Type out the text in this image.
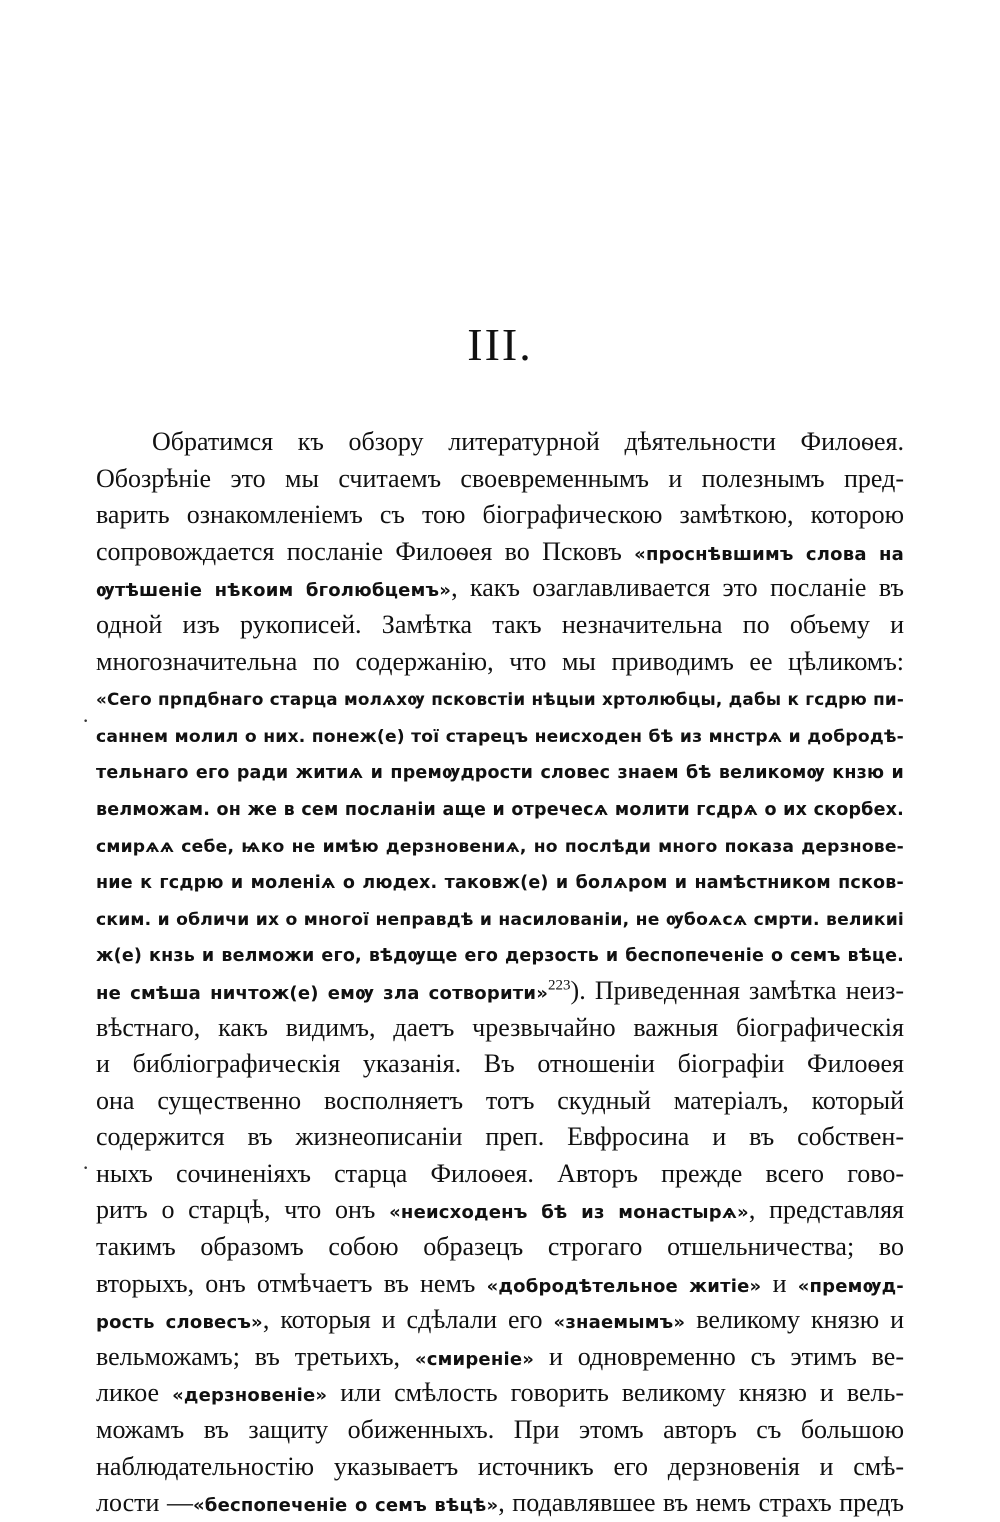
III.
Обратимся къ обзору литературной дѣятельности Филоѳея.
Обозрѣніе это мы считаемъ своевременнымъ и полезнымъ пред-
варить ознакомленіемъ съ тою біографическою замѣткою, которою
сопровождается посланіе Филоѳея во Псковъ «проснѣвшимъ слова на
ѹтѣшеніе нѣкоим бголюбцемъ», какъ озаглавливается это посланіе въ
одной изъ рукописей. Замѣтка такъ незначительна по объему и
многозначительна по содержанію, что мы приводимъ ее цѣликомъ:
«Сего прпдбнаго старца молѧхѹ псковстіи нѣцыи хртолюбцы, дабы к гсдрю пи-
саннем молил о них. понеж(е) тої старецъ неисходен бѣ из мнстрѧ и добродѣ-
тельнаго его ради житиѧ и премѹдрости словес знаем бѣ великомѹ кнзю и
велможам. он же в сем посланіи аще и отречесѧ молити гсдрѧ о их скорбех.
смирѧѧ себе, ѩко не имѣю дерзновениѧ, но послѣди много показа дерзнове-
ние к гсдрю и моленіѧ о людех. таковж(е) и болѧром и намѣстником псков-
ским. и обличи их о многої неправдѣ и насилованіи, не ѹбоѧсѧ смрти. великиі
ж(е) кнзь и велможи его, вѣдѹще его дерзость и беспопеченіе о семъ вѣце.
не смѣша ничтож(е) емѹ зла сотворити»$^{223}$). Приведенная замѣтка неиз-
вѣстнаго, какъ видимъ, даетъ чрезвычайно важныя біографическія
и библіографическія указанія. Въ отношеніи біографіи Филоѳея
она существенно восполняетъ тотъ скудный матеріалъ, который
содержится въ жизнеописаніи преп. Евфросина и въ собствен-
ныхъ сочиненіяхъ старца Филоѳея. Авторъ прежде всего гово-
ритъ о старцѣ, что онъ «неисходенъ бѣ из монастырѧ», представляя
такимъ образомъ собою образецъ строгаго отшельничества; во
вторыхъ, онъ отмѣчаетъ въ немъ «добродѣтельное житіе» и «премѹд-
рость словесъ», которыя и сдѣлали его «знаемымъ» великому князю и
вельможамъ; въ третьихъ, «смиреніе» и одновременно съ этимъ ве-
ликое «дерзновеніе» или смѣлость говорить великому князю и вель-
можамъ въ защиту обиженныхъ. При этомъ авторъ съ большою
наблюдательностію указываетъ источникъ его дерзновенія и смѣ-
лости —«беспопеченіе о семъ вѣцѣ», подавлявшее въ немъ страхъ предъ
·
·
